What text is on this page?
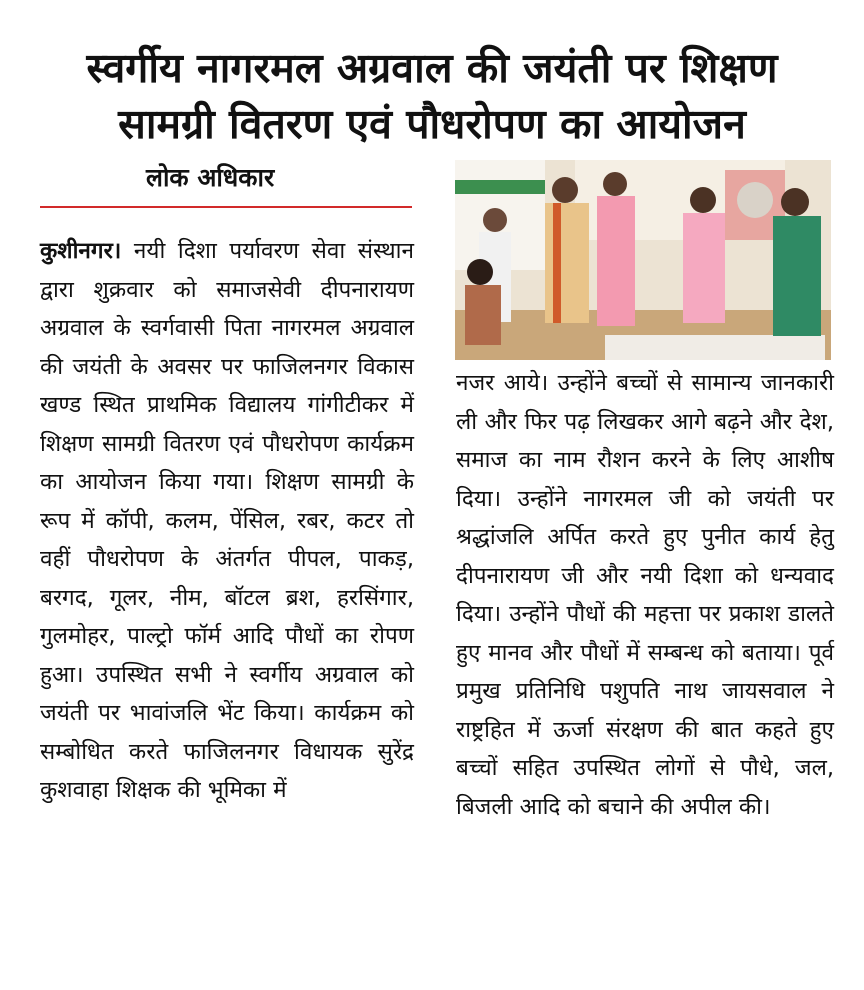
स्वर्गीय नागरमल अग्रवाल की जयंती पर शिक्षण
सामग्री वितरण एवं पौधरोपण का आयोजन
लोक अधिकार
कुशीनगर। नयी दिशा पर्यावरण सेवा संस्थान द्वारा शुक्रवार को समाजसेवी दीपनारायण अग्रवाल के स्वर्गवासी पिता नागरमल अग्रवाल की जयंती के अवसर पर फाजिलनगर विकास खण्ड स्थित प्राथमिक विद्यालय गांगीटीकर में शिक्षण सामग्री वितरण एवं पौधरोपण कार्यक्रम का आयोजन किया गया। शिक्षण सामग्री के रूप में कॉपी, कलम, पेंसिल, रबर, कटर तो वहीं पौधरोपण के अंतर्गत पीपल, पाकड़, बरगद, गूलर, नीम, बॉटल ब्रश, हरसिंगार, गुलमोहर, पाल्ट्रो फॉर्म आदि पौधों का रोपण हुआ। उपस्थित सभी ने स्वर्गीय अग्रवाल को जयंती पर भावांजलि भेंट किया। कार्यक्रम को सम्बोधित करते फाजिलनगर विधायक सुरेंद्र कुशवाहा शिक्षक की भूमिका में
नजर आये। उन्होंने बच्चों से सामान्य जानकारी ली और फिर पढ़ लिखकर आगे बढ़ने और देश, समाज का नाम रौशन करने के लिए आशीष दिया। उन्होंने नागरमल जी को जयंती पर श्रद्धांजलि अर्पित करते हुए पुनीत कार्य हेतु दीपनारायण जी और नयी दिशा को धन्यवाद दिया। उन्होंने पौधों की महत्ता पर प्रकाश डालते हुए मानव और पौधों में सम्बन्ध को बताया। पूर्व प्रमुख प्रतिनिधि पशुपति नाथ जायसवाल ने राष्ट्रहित में ऊर्जा संरक्षण की बात कहते हुए बच्चों सहित उपस्थित लोगों से पौधे, जल, बिजली आदि को बचाने की अपील की।
